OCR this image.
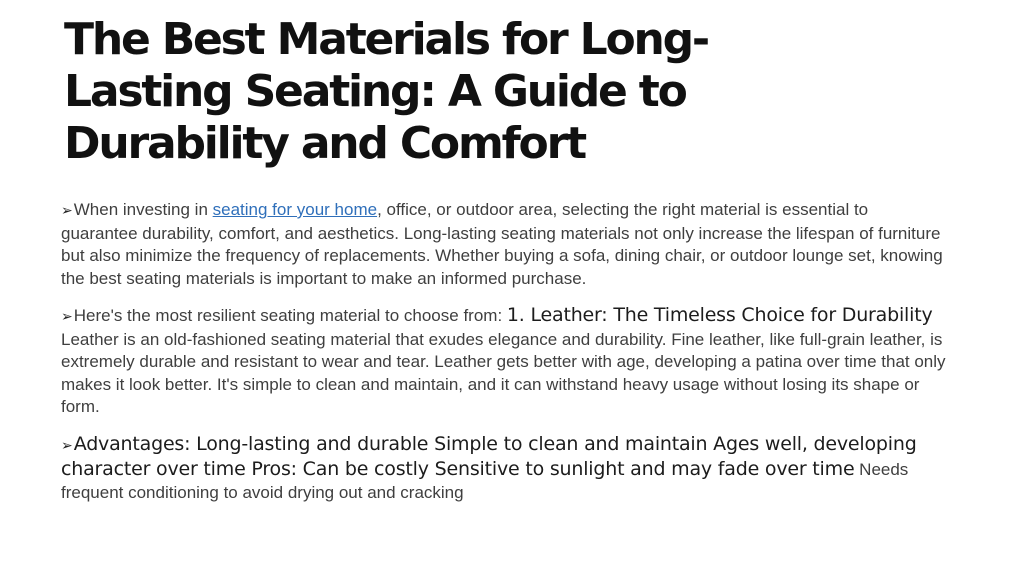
The Best Materials for Long-Lasting Seating: A Guide to Durability and Comfort
➢When investing in seating for your home, office, or outdoor area, selecting the right material is essential to guarantee durability, comfort, and aesthetics. Long-lasting seating materials not only increase the lifespan of furniture but also minimize the frequency of replacements. Whether buying a sofa, dining chair, or outdoor lounge set, knowing the best seating materials is important to make an informed purchase.
➢Here's the most resilient seating material to choose from: 1. Leather: The Timeless Choice for Durability Leather is an old-fashioned seating material that exudes elegance and durability. Fine leather, like full-grain leather, is extremely durable and resistant to wear and tear. Leather gets better with age, developing a patina over time that only makes it look better. It's simple to clean and maintain, and it can withstand heavy usage without losing its shape or form.
➢Advantages: Long-lasting and durable Simple to clean and maintain Ages well, developing character over time Pros: Can be costly Sensitive to sunlight and may fade over time Needs frequent conditioning to avoid drying out and cracking
